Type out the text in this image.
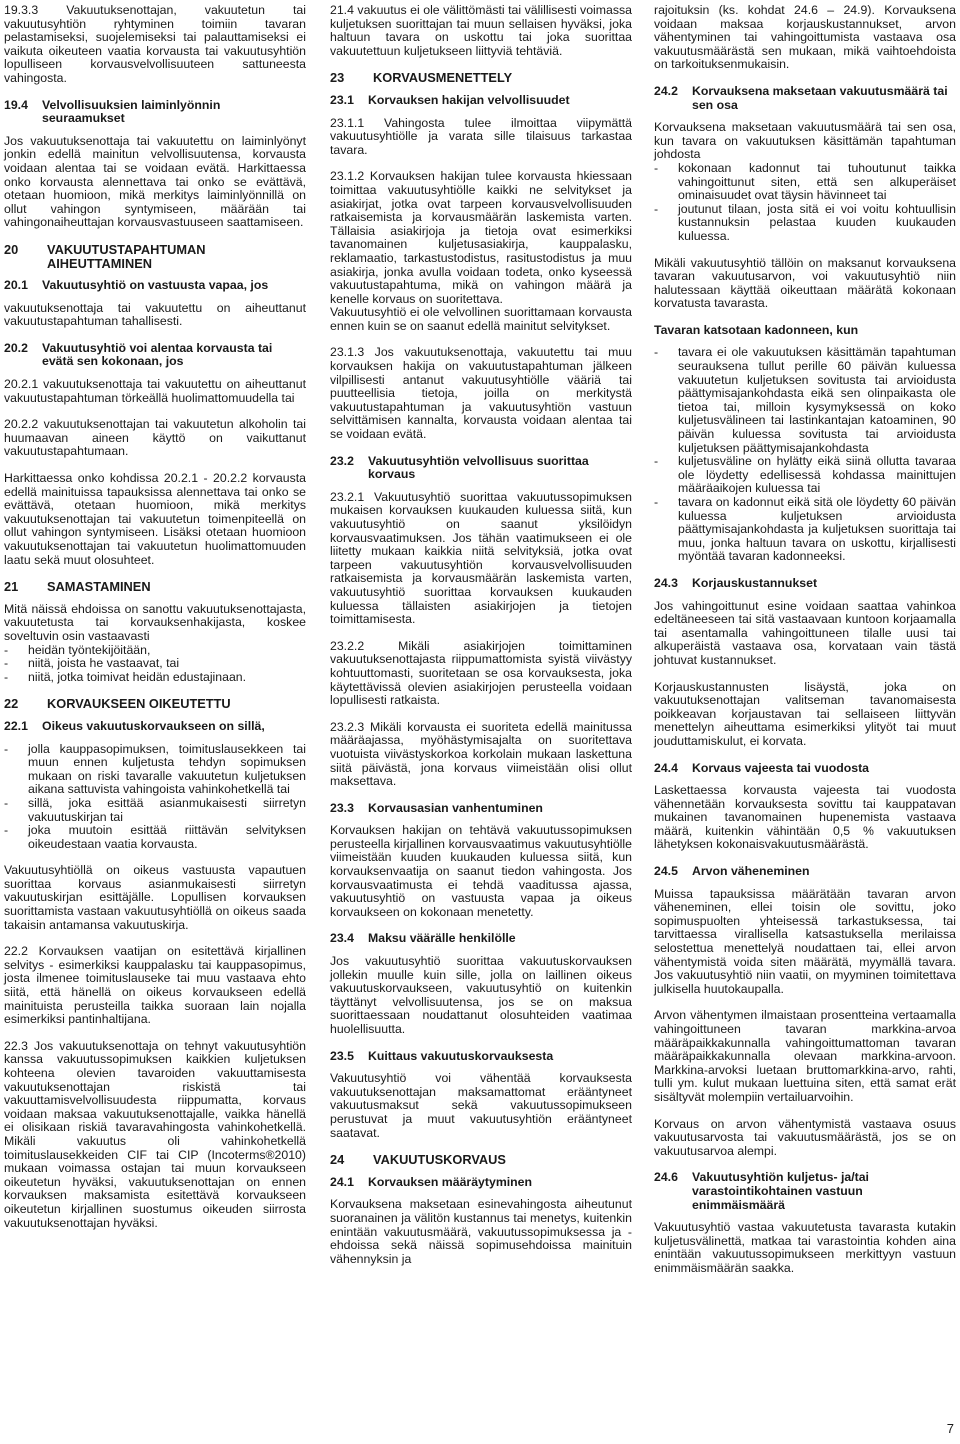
19.3.3 Vakuutuksenottajan, vakuutetun tai vakuutusyhtiön ryhtyminen toimiin tavaran pelastamiseksi, suojelemiseksi tai palauttamiseksi ei vaikuta oikeuteen vaatia korvausta tai vakuutusyhtiön lopulliseen korvausvelvollisuuteen sattuneesta vahingosta.

19.4	Velvollisuuksien laiminlyönnin seuraamukset

Jos vakuutuksenottaja tai vakuutettu on laiminlyönyt jonkin edellä mainitun velvollisuutensa, korvausta voidaan alentaa tai se voidaan evätä. Harkittaessa onko korvausta alennettava tai onko se evättävä, otetaan huomioon, mikä merkitys laiminlyönnillä on ollut vahingon syntymiseen, määrään tai vahingonaiheuttajan korvausvastuuseen saattamiseen.

20	VAKUUTUSTAPAHTUMAN AIHEUTTAMINEN
20.1	Vakuutusyhtiö on vastuusta vapaa, jos

vakuutuksenottaja tai vakuutettu on aiheuttanut vakuutustapahtuman tahallisesti.

20.2	Vakuutusyhtiö voi alentaa korvausta tai evätä sen kokonaan, jos

20.2.1 vakuutuksenottaja tai vakuutettu on aiheuttanut vakuutustapahtuman törkeällä huolimattomuudella tai

20.2.2 vakuutuksenottajan tai vakuutetun alkoholin tai huumaavan aineen käyttö on vaikuttanut vakuutustapahtumaan.

Harkittaessa onko kohdissa 20.2.1 - 20.2.2 korvausta edellä mainituissa tapauksissa alennettava tai onko se evättävä, otetaan huomioon, mikä merkitys vakuutuksenottajan tai vakuutetun toimenpiteellä on ollut vahingon syntymiseen. Lisäksi otetaan huomioon vakuutuksenottajan tai vakuutetun huolimattomuuden laatu sekä muut olosuhteet.

21	SAMASTAMINEN

Mitä näissä ehdoissa on sanottu vakuutuksenottajasta, vakuutetusta tai korvauksenhakijasta, koskee soveltuvin osin vastaavasti

-	heidän työntekijöitään,
-	niitä, joista he vastaavat, tai
-	niitä, jotka toimivat heidän edustajinaan.
22	KORVAUKSEEN OIKEUTETTU
22.1	Oikeus vakuutuskorvaukseen on sillä,
-	jolla kauppasopimuksen, toimituslausekkeen tai muun ennen kuljetusta tehdyn sopimuksen mukaan on riski tavaralle vakuutetun kuljetuksen aikana sattuvista vahingoista vahinkohetkellä tai
-	sillä, joka esittää asianmukaisesti siirretyn vakuutuskirjan tai
-	joka muutoin esittää riittävän selvityksen oikeudestaan vaatia korvausta.

Vakuutusyhtiöllä on oikeus vastuusta vapautuen suorittaa korvaus asianmukaisesti siirretyn vakuutuskirjan esittäjälle. Lopullisen korvauksen suorittamista vastaan vakuutusyhtiöllä on oikeus saada takaisin antamansa vakuutuskirja.

22.2 Korvauksen vaatijan on esitettävä kirjallinen selvitys - esimerkiksi kauppalasku tai kauppasopimus, josta ilmenee toimituslauseke tai muu vastaava ehto siitä, että hänellä on oikeus korvaukseen edellä mainituista perusteilla taikka suoraan lain nojalla esimerkiksi pantinhaltijana.

22.3 Jos vakuutuksenottaja on tehnyt vakuutusyhtiön kanssa vakuutussopimuksen kaikkien kuljetuksen kohteena olevien tavaroiden vakuuttamisesta vakuutuksenottajan riskistä tai vakuuttamisvelvollisuudesta riippumatta, korvaus voidaan maksaa vakuutuksenottajalle, vaikka hänellä ei olisikaan riskiä tavaravahingosta vahinkohetkellä. Mikäli vakuutus oli vahinkohetkellä toimituslausekkeiden CIF tai CIP (Incoterms®2010) mukaan voimassa ostajan tai muun korvaukseen oikeutetun hyväksi, vakuutuksenottajan on ennen korvauksen maksamista esitettävä korvaukseen oikeutetun kirjallinen suostumus oikeuden siirrosta vakuutuksenottajan hyväksi.

21.4 vakuutus ei ole välittömästi tai välillisesti voimassa kuljetuksen suorittajan tai muun sellaisen hyväksi, joka haltuun tavara on uskottu tai joka suorittaa vakuutettuun kuljetukseen liittyviä tehtäviä.

23	KORVAUSMENETTELY
23.1	Korvauksen hakijan velvollisuudet

23.1.1 Vahingosta tulee ilmoittaa viipymättä vakuutusyhtiölle ja varata sille tilaisuus tarkastaa tavara.

23.1.2 Korvauksen hakijan tulee korvausta hkiessaan toimittaa vakuutusyhtiölle kaikki ne selvitykset ja asiakirjat, jotka ovat tarpeen korvausvelvollisuuden ratkaisemista ja korvausmäärän laskemista varten. Tällaisia asiakirjoja ja tietoja ovat esimerkiksi tavanomainen kuljetusasiakirja, kauppalasku, reklamaatio, tarkastustodistus, rasitustodistus ja muu asiakirja, jonka avulla voidaan todeta, onko kyseessä vakuutustapahtuma, mikä on vahingon määrä ja kenelle korvaus on suoritettava.

Vakuutusyhtiö ei ole velvollinen suorittamaan korvausta ennen kuin se on saanut edellä mainitut selvitykset.

23.1.3 Jos vakuutuksenottaja, vakuutettu tai muu korvauksen hakija on vakuutustapahtuman jälkeen vilpillisesti antanut vakuutusyhtiölle vääriä tai puutteellisia tietoja, joilla on merkitystä vakuutustapahtuman ja vakuutusyhtiön vastuun selvittämisen kannalta, korvausta voidaan alentaa tai se voidaan evätä.

23.2	Vakuutusyhtiön velvollisuus suorittaa korvaus

23.2.1 Vakuutusyhtiö suorittaa vakuutussopimuksen mukaisen korvauksen kuukauden kuluessa siitä, kun vakuutusyhtiö on saanut yksilöidyn korvausvaatimuksen. Jos tähän vaatimukseen ei ole liitetty mukaan kaikkia niitä selvityksiä, jotka ovat tarpeen vakuutusyhtiön korvausvelvollisuuden ratkaisemista ja korvausmäärän laskemista varten, vakuutusyhtiö suorittaa korvauksen kuukauden kuluessa tällaisten asiakirjojen ja tietojen toimittamisesta.

23.2.2 Mikäli asiakirjojen toimittaminen vakuutuksenottajasta riippumattomista syistä viivästyy kohtuuttomasti, suoritetaan se osa korvauksesta, joka käytettävissä olevien asiakirjojen perusteella voidaan lopullisesti ratkaista.

23.2.3 Mikäli korvausta ei suoriteta edellä mainitussa määräajassa, myöhästymisajalta on suoritettava vuotuista viivästyskorkoa korkolain mukaan laskettuna siitä päivästä, jona korvaus viimeistään olisi ollut maksettava.

23.3	Korvausasian vanhentuminen

Korvauksen hakijan on tehtävä vakuutussopimuksen perusteella kirjallinen korvausvaatimus vakuutusyhtiölle viimeistään kuuden kuukauden kuluessa siitä, kun korvauksenvaatija on saanut tiedon vahingosta. Jos korvausvaatimusta ei tehdä vaaditussa ajassa, vakuutusyhtiö on vastuusta vapaa ja oikeus korvaukseen on kokonaan menetetty.

23.4	Maksu väärälle henkilölle

Jos vakuutusyhtiö suorittaa vakuutuskorvauksen jollekin muulle kuin sille, jolla on laillinen oikeus vakuutuskorvaukseen, vakuutusyhtiö on kuitenkin täyttänyt velvollisuutensa, jos se on maksua suorittaessaan noudattanut olosuhteiden vaatimaa huolellisuutta.

23.5	Kuittaus vakuutuskorvauksesta

Vakuutusyhtiö voi vähentää korvauksesta vakuutuksenottajan maksamattomat erääntyneet vakuutusmaksut sekä vakuutussopimukseen perustuvat ja muut vakuutusyhtiön erääntyneet saatavat.

24	VAKUUTUSKORVAUS
24.1	Korvauksen määräytyminen

Korvauksena maksetaan esinevahingosta aiheutunut suoranainen ja välitön kustannus tai menetys, kuitenkin enintään vakuutusmäärä, vakuutussopimuksessa ja -ehdoissa sekä näissä sopimusehdoissa mainituin vähennyksin ja

rajoituksin (ks. kohdat 24.6 – 24.9). Korvauksena voidaan maksaa korjauskustannukset, arvon vähentyminen tai vahingoittumista vastaava osa vakuutusmäärästä sen mukaan, mikä vaihtoehdoista on tarkoituksenmukaisin.

24.2	Korvauksena maksetaan vakuutusmäärä tai sen osa

Korvauksena maksetaan vakuutusmäärä tai sen osa, kun tavara on vakuutuksen käsittämän tapahtuman johdosta

-	kokonaan kadonnut tai tuhoutunut taikka vahingoittunut siten, että sen alkuperäiset ominaisuudet ovat täysin hävinneet tai
-	joutunut tilaan, josta sitä ei voi voitu kohtuullisin kustannuksin pelastaa kuuden kuukauden kuluessa.

Mikäli vakuutusyhtiö tällöin on maksanut korvauksena tavaran vakuutusarvon, voi vakuutusyhtiö niin halutessaan käyttää oikeuttaan määrätä kokonaan korvatusta tavarasta.

Tavaran katsotaan kadonneen, kun
-	tavara ei ole vakuutuksen käsittämän tapahtuman seurauksena tullut perille 60 päivän kuluessa vakuutetun kuljetuksen sovitusta tai arvioidusta päättymisajankohdasta eikä sen olinpaikasta ole tietoa tai, milloin kysymyksessä on koko kuljetusvälineen tai lastinkantajan katoaminen, 90 päivän kuluessa sovitusta tai arvioidusta kuljetuksen päättymisajankohdasta
-	kuljetusväline on hylätty eikä siinä ollutta tavaraa ole löydetty edellisessä kohdassa mainittujen määräaikojen kuluessa tai
-	tavara on kadonnut eikä sitä ole löydetty 60 päivän kuluessa kuljetuksen arvioidusta päättymisajankohdasta ja kuljetuksen suorittaja tai muu, jonka haltuun tavara on uskottu, kirjallisesti myöntää tavaran kadonneeksi.
24.3	Korjauskustannukset

Jos vahingoittunut esine voidaan saattaa vahinkoa edeltäneeseen tai sitä vastaavaan kuntoon korjaamalla tai asentamalla vahingoittuneen tilalle uusi tai alkuperäistä vastaava osa, korvataan vain tästä johtuvat kustannukset.

Korjauskustannusten lisäystä, joka on vakuutuksenottajan valitseman tavanomaisesta poikkeavan korjaustavan tai sellaiseen liittyvän menettelyn aiheuttama esimerkiksi ylityöt tai muut jouduttamiskulut, ei korvata.

24.4	Korvaus vajeesta tai vuodosta

Laskettaessa korvausta vajeesta tai vuodosta vähennetään korvauksesta sovittu tai kauppatavan mukainen tavanomainen hupenemista vastaava määrä, kuitenkin vähintään 0,5 % vakuutuksen lähetyksen kokonaisvakuutusmäärästä.

24.5	Arvon väheneminen

Muissa tapauksissa määrätään tavaran arvon väheneminen, ellei toisin ole sovittu, joko sopimuspuolten yhteisessä tarkastuksessa, tai tarvittaessa virallisella katsastuksella merilaissa selostettua menettelyä noudattaen tai, ellei arvon vähentymistä voida siten määrätä, myymällä tavara. Jos vakuutusyhtiö niin vaatii, on myyminen toimitettava julkisella huutokaupalla.

Arvon vähentymen ilmaistaan prosentteina vertaamalla vahingoittuneen tavaran markkina-arvoa määräpaikkakunnalla vahingoittumattoman tavaran määräpaikkakunnalla olevaan markkina-arvoon. Markkina-arvoksi luetaan bruttomarkkina-arvo, rahti, tulli ym. kulut mukaan luettuina siten, että samat erät sisältyvät molempiin vertailuarvoihin.

Korvaus on arvon vähentymistä vastaava osuus vakuutusarvosta tai vakuutusmäärästä, jos se on vakuutusarvoa alempi.

24.6	Vakuutusyhtiön kuljetus- ja/tai varastointikohtainen vastuun enimmäismäärä

Vakuutusyhtiö vastaa vakuutetusta tavarasta kutakin kuljetusvälinettä, matkaa tai varastointia kohden aina enintään vakuutussopimukseen merkittyyn vastuun enimmäismäärän saakka.

7
